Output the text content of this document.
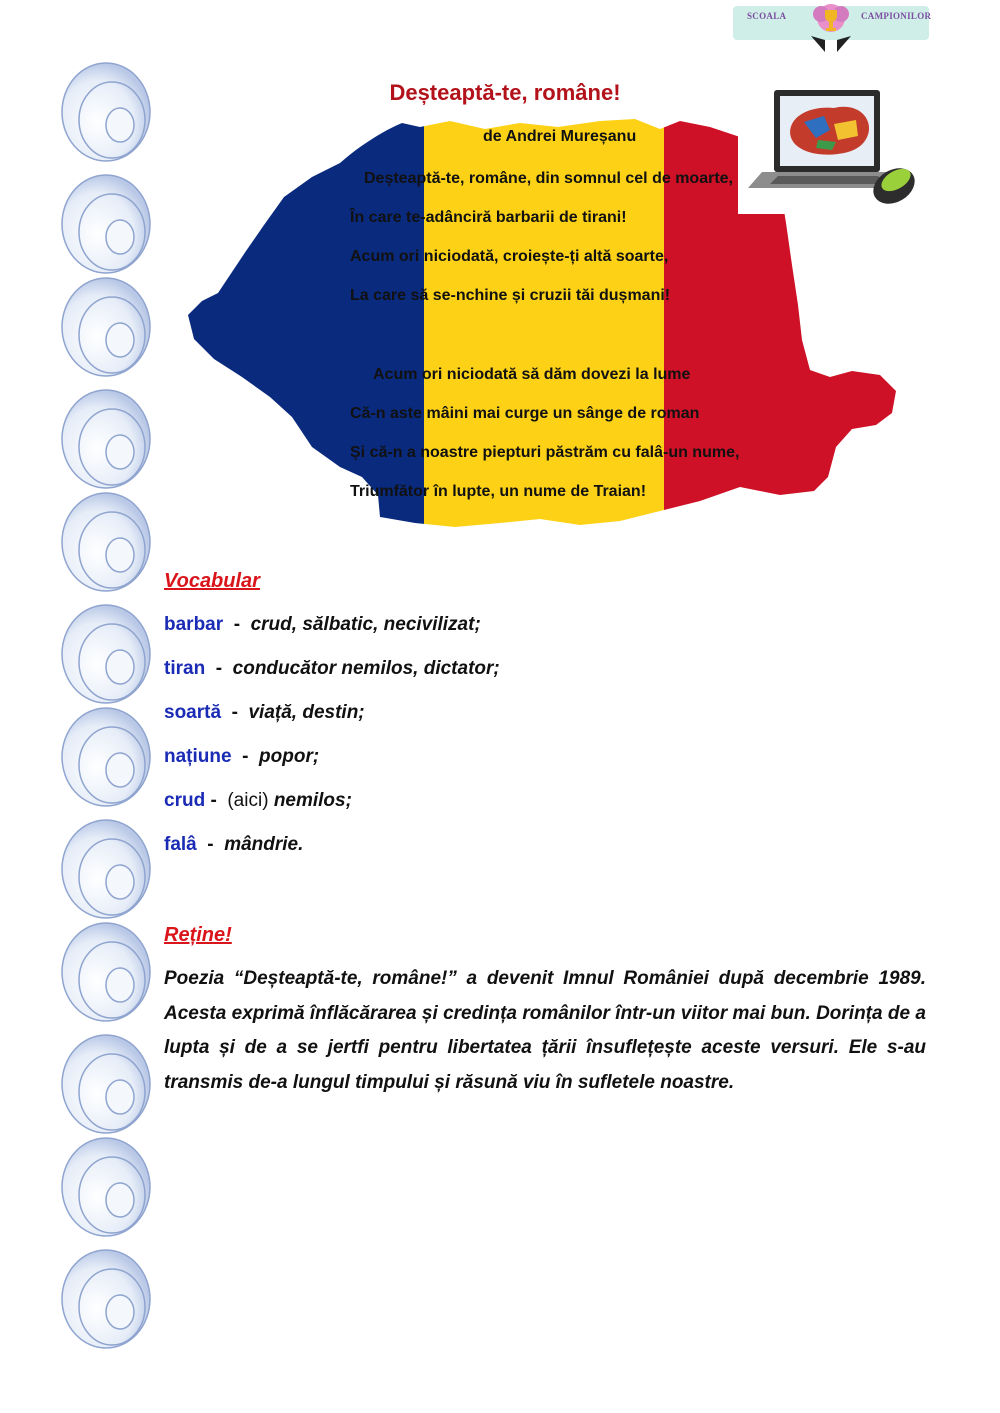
SCOALA	CAMPIONILOR
Deșteaptă-te, române!
de Andrei Mureșanu
Deșteaptă-te, române, din somnul cel de moarte,
În care te-adânciră barbarii de tirani!
Acum ori niciodată, croiește-ți altă soarte,
La care să se-nchine și cruzii tăi dușmani!
Acum ori niciodată să dăm dovezi la lume
Că-n aste mâini mai curge un sânge de roman
Și că-n a noastre piepturi păstrăm cu falâ-un nume,
Triumfător în lupte, un nume de Traian!
Vocabular
barbar  -  crud, sălbatic, necivilizat;
tiran  -  conducător nemilos, dictator;
soartă  -  viață, destin;
națiune  -  popor;
crud -  (aici) nemilos;
falâ  -  mândrie.
Reține!

Poezia “Deșteaptă-te, române!” a devenit Imnul României după decembrie 1989. Acesta exprimă înflăcărarea și credința românilor într-un viitor mai bun. Dorința de a lupta și de a se jertfi pentru libertatea țării însuflețește aceste versuri. Ele s-au transmis de-a lungul timpului și răsună viu în sufletele noastre.
